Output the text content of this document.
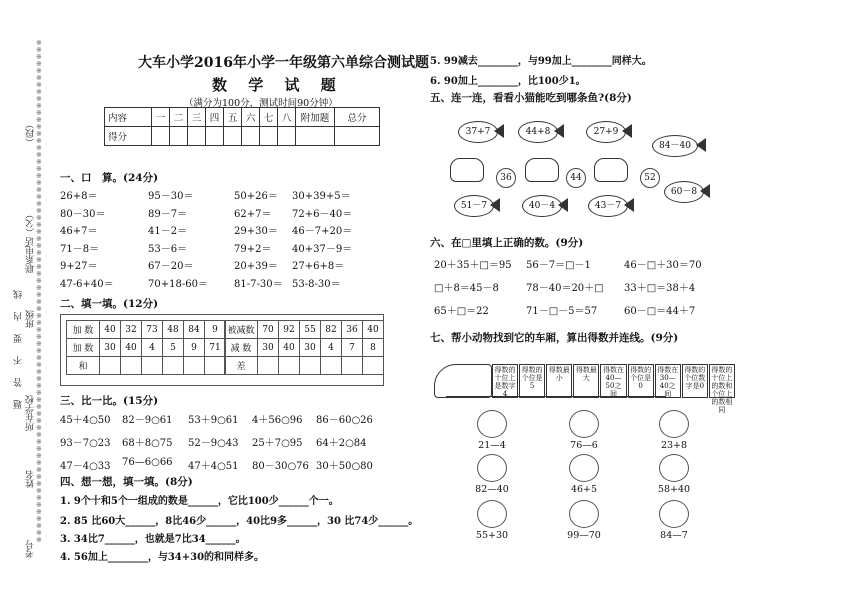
※※※※※※※※※※※※※※※※※※※※※※※※※※※※※※※※※※※※※※※※※※※※※※※※※※※※※※※※※※※※※※※※※※※※※※※※
（段）
联系电话（父）
班级
线
内
要
不
答
题 所在学校
姓名
考号
大车小学2016年小学一年级第六单综合测试题
数 学 试 题
（满分为100分，测试时间90分钟）
内容	一	二	三	四	五	六	七	八	附加题	总分
得分										
一、口　算。(24分)
26+8＝	95－30＝	50+26＝ 30+39+5＝
80－30＝	89－7＝	62+7＝ 72+6－40＝
46+7＝	41－2＝	29+30＝ 46－7+20＝
71－8＝	53－6＝	79+2＝ 40+37－9＝
9+27＝	67－20＝	20+39＝ 27+6+8＝
47-6+40＝	70+18-60＝	81-7-30＝ 53-8-30＝
二、填一填。(12分)
加 数	40	32	73	48	84	9
加 数	30	40	4	5	9	71
和						
被减数	70	92	55	82	36	40
减 数	30	40	30	4	7	8
差						
三、比一比。(15分)
45＋4○50 82－9○61 53＋9○61 4＋56○96 86－60○26
93－7○23 68＋8○75 52－9○43 25＋7○95 64＋2○84
47－4○33 76—6○66 47＋4○51 80－30○76 30＋50○80
四、想一想，填一填。(8分)
1. 9个十和5个一组成的数是______，它比100少______个一。
2. 85 比60大______，8比46少______，40比9多______，30 比74少______。
3. 34比7______，也就是7比34______。
4. 56加上________，与34+30的和同样多。
5. 99减去________，与99加上________同样大。
6. 90加上________，比100少1。
五、连一连，看看小猫能吃到哪条鱼?(8分)
37+7	44+8	27+9
84－40
36	44	52
51－7	40－4	43－7
60－8
六、在□里填上正确的数。(9分)
20＋35＋□＝95 56－7＝□－1	46－□＋30＝70
□＋8＝45－8	78－40＝20＋□ 33＋□＝38＋4
65＋□＝22	71－□－5＝57	60－□＝44＋7
七、帮小动物找到它的车厢，算出得数并连线。(9分)
得数的十位上是数字4
得数的个位是5
得数最小
得数最大
得数在40—50之间
得数的个位是0
得数在30—40之间
得数的个位数字是0
得数的十位上的数和个位上的数相同
21—4	76—6	23+8
82—40	46+5	58+40
55+30	99—70	84—7
